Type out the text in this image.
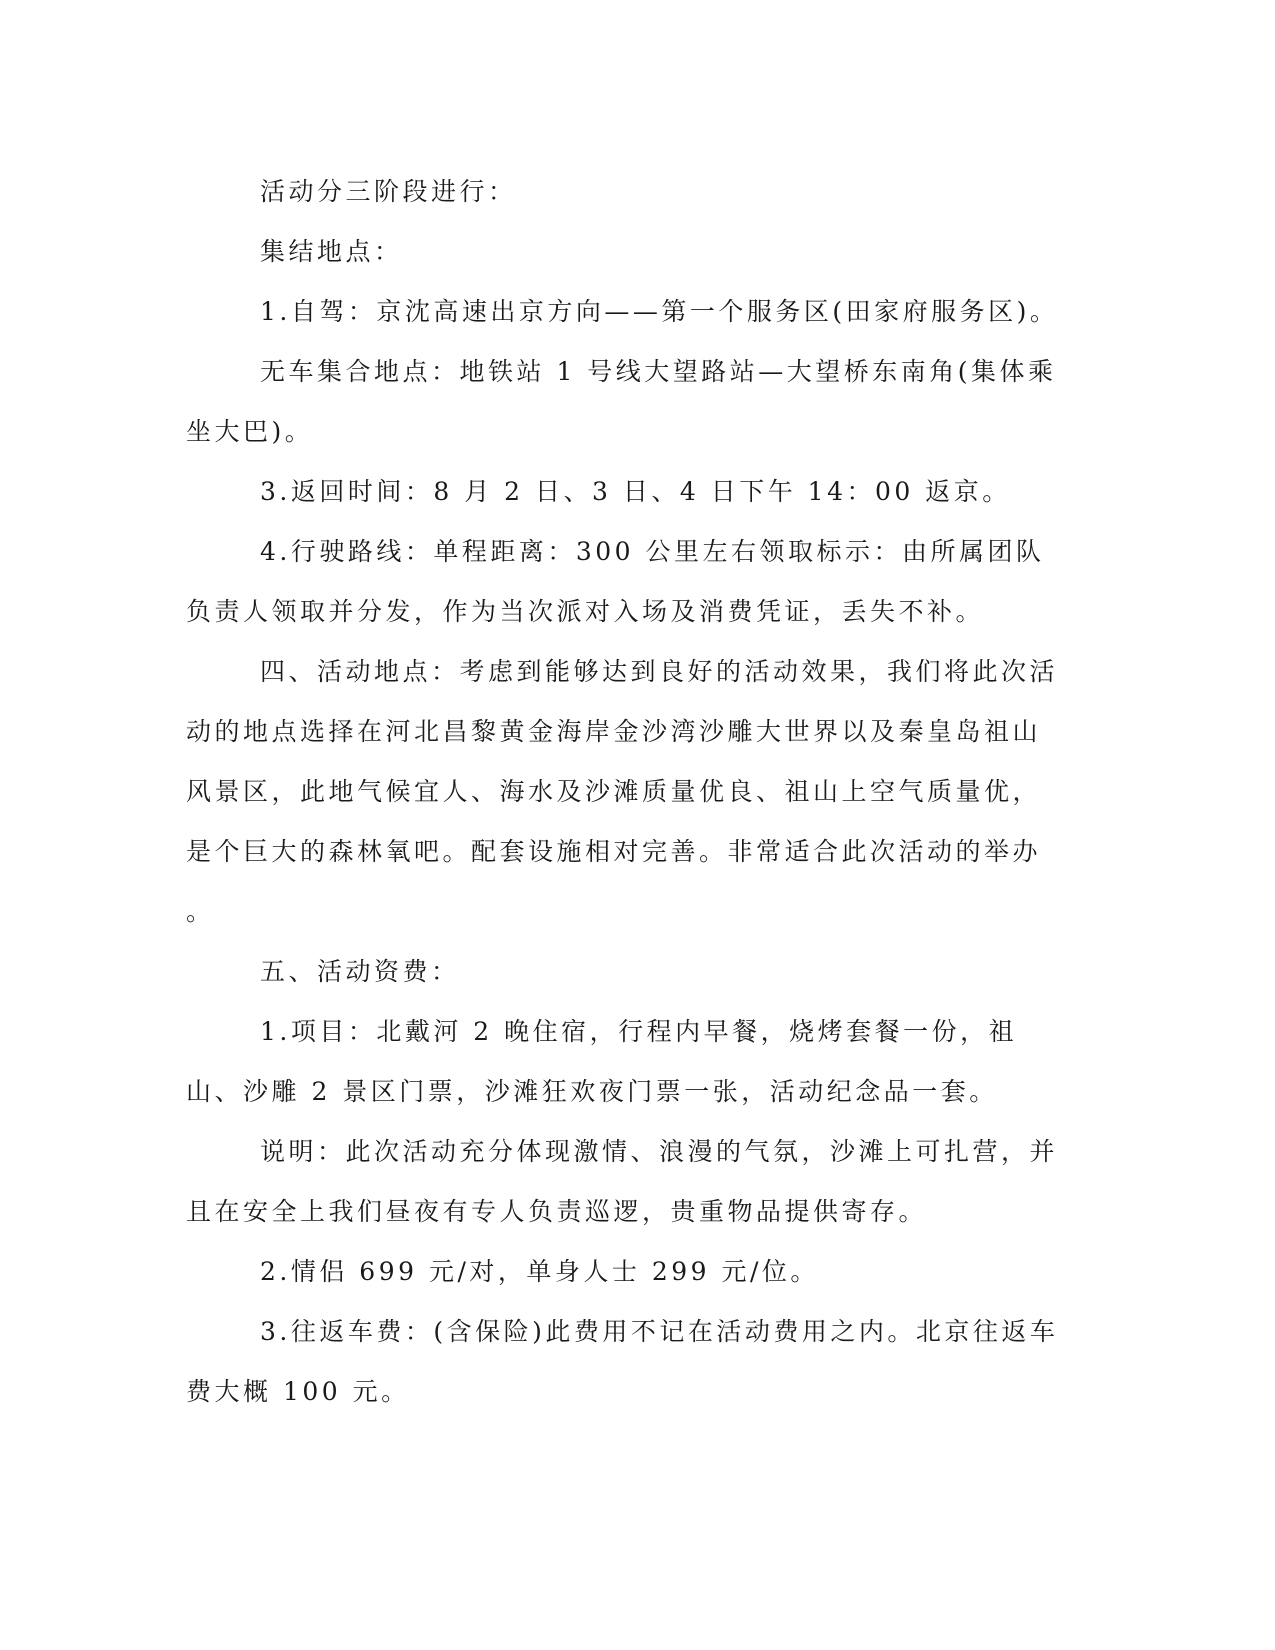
活动分三阶段进行：

集结地点：

1.自驾：京沈高速出京方向——第一个服务区(田家府服务区)。

无车集合地点：地铁站 1 号线大望路站—大望桥东南角(集体乘坐大巴)。

3.返回时间：8 月 2 日、3 日、4 日下午 14：00 返京。

4.行驶路线：单程距离：300 公里左右领取标示：由所属团队负责人领取并分发，作为当次派对入场及消费凭证，丢失不补。

四、活动地点：考虑到能够达到良好的活动效果，我们将此次活动的地点选择在河北昌黎黄金海岸金沙湾沙雕大世界以及秦皇岛祖山风景区，此地气候宜人、海水及沙滩质量优良、祖山上空气质量优，是个巨大的森林氧吧。配套设施相对完善。非常适合此次活动的举办

。

五、活动资费：

1.项目：北戴河 2 晚住宿，行程内早餐，烧烤套餐一份，祖山、沙雕 2 景区门票，沙滩狂欢夜门票一张，活动纪念品一套。

说明：此次活动充分体现激情、浪漫的气氛，沙滩上可扎营，并且在安全上我们昼夜有专人负责巡逻，贵重物品提供寄存。

2.情侣 699 元/对，单身人士 299 元/位。

3.往返车费：(含保险)此费用不记在活动费用之内。北京往返车费大概 100 元。
